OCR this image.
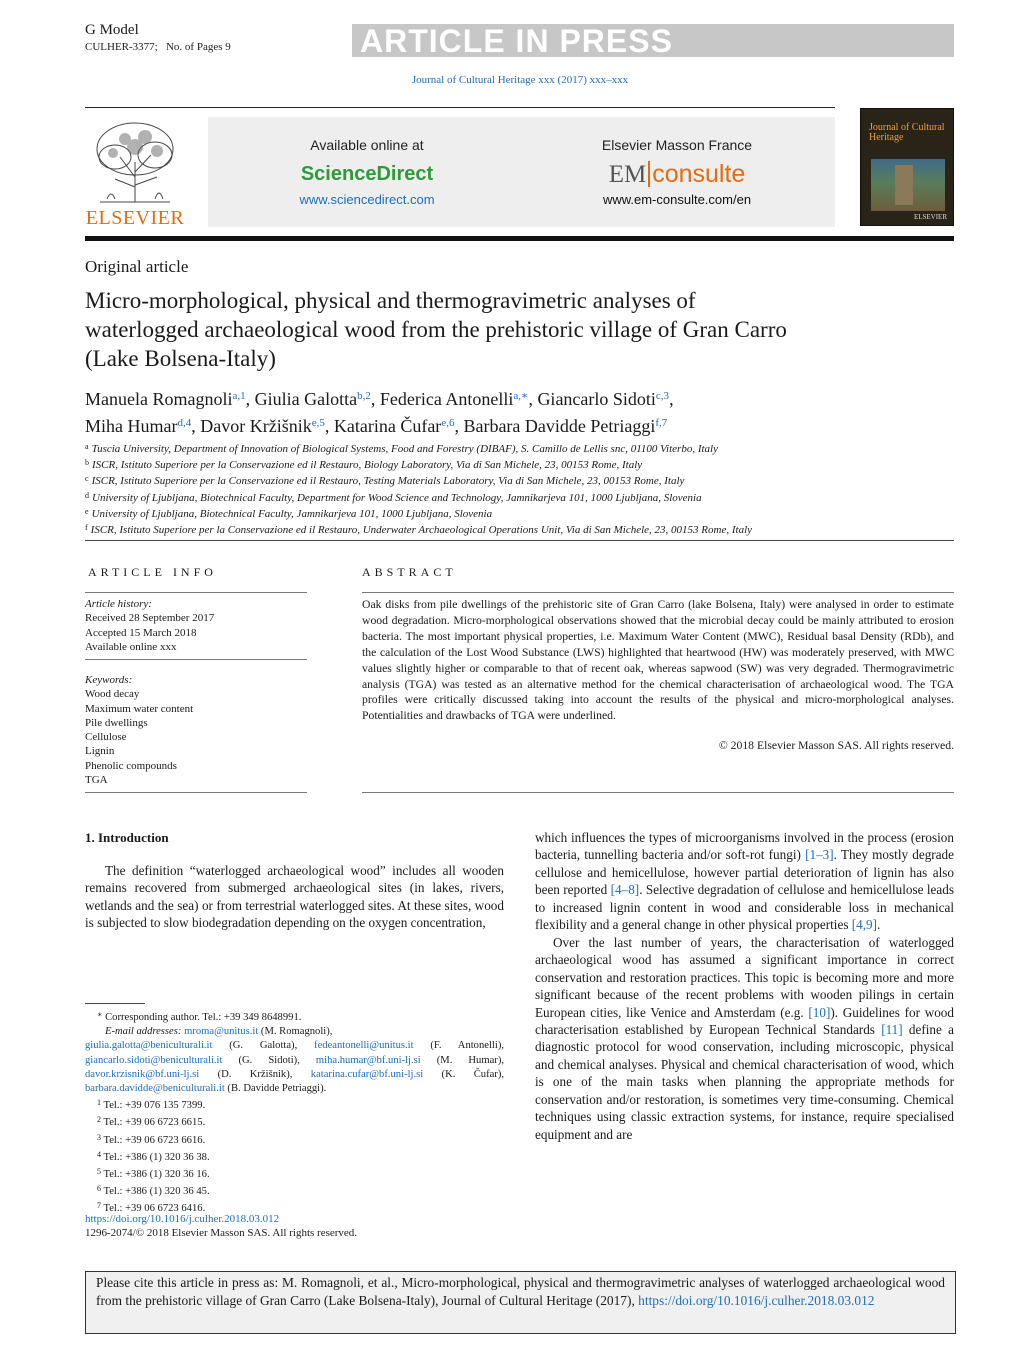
G Model
CULHER-3377; No. of Pages 9	ARTICLE IN PRESS
Journal of Cultural Heritage xxx (2017) xxx–xxx
ELSEVIER
Available online at
ScienceDirect
www.sciencedirect.com
Elsevier Masson France
EM consulte
www.em-consulte.com/en
Journal of Cultural Heritage
ELSEVIER
Original article
Micro-morphological, physical and thermogravimetric analyses of waterlogged archaeological wood from the prehistoric village of Gran Carro (Lake Bolsena-Italy)
Manuela Romagnoli$^{a,1}$, Giulia Galotta$^{b,2}$, Federica Antonelli$^{a,∗}$, Giancarlo Sidoti$^{c,3}$,
Miha Humar$^{d,4}$, Davor Kržišnik$^{e,5}$, Katarina Čufar$^{e,6}$, Barbara Davidde Petriaggi$^{f,7}$
$^a$ Tuscia University, Department of Innovation of Biological Systems, Food and Forestry (DIBAF), S. Camillo de Lellis snc, 01100 Viterbo, Italy
$^b$ ISCR, Istituto Superiore per la Conservazione ed il Restauro, Biology Laboratory, Via di San Michele, 23, 00153 Rome, Italy
$^c$ ISCR, Istituto Superiore per la Conservazione ed il Restauro, Testing Materials Laboratory, Via di San Michele, 23, 00153 Rome, Italy
$^d$ University of Ljubljana, Biotechnical Faculty, Department for Wood Science and Technology, Jamnikarjeva 101, 1000 Ljubljana, Slovenia
$^e$ University of Ljubljana, Biotechnical Faculty, Jamnikarjeva 101, 1000 Ljubljana, Slovenia
$^f$ ISCR, Istituto Superiore per la Conservazione ed il Restauro, Underwater Archaeological Operations Unit, Via di San Michele, 23, 00153 Rome, Italy
ARTICLE INFO
Article history:
Received 28 September 2017
Accepted 15 March 2018
Available online xxx
Keywords:
Wood decay
Maximum water content
Pile dwellings
Cellulose
Lignin
Phenolic compounds
TGA
ABSTRACT
Oak disks from pile dwellings of the prehistoric site of Gran Carro (lake Bolsena, Italy) were analysed in order to estimate wood degradation. Micro-morphological observations showed that the microbial decay could be mainly attributed to erosion bacteria. The most important physical properties, i.e. Maximum Water Content (MWC), Residual basal Density (RDb), and the calculation of the Lost Wood Substance (LWS) highlighted that heartwood (HW) was moderately preserved, with MWC values slightly higher or comparable to that of recent oak, whereas sapwood (SW) was very degraded. Thermogravimetric analysis (TGA) was tested as an alternative method for the chemical characterisation of archaeological wood. The TGA profiles were critically discussed taking into account the results of the physical and micro-morphological analyses. Potentialities and drawbacks of TGA were underlined.
© 2018 Elsevier Masson SAS. All rights reserved.
1. Introduction

The definition “waterlogged archaeological wood” includes all wooden remains recovered from submerged archaeological sites (in lakes, rivers, wetlands and the sea) or from terrestrial waterlogged sites. At these sites, wood is subjected to slow biodegradation depending on the oxygen concentration,

which influences the types of microorganisms involved in the process (erosion bacteria, tunnelling bacteria and/or soft-rot fungi) [1–3]. They mostly degrade cellulose and hemicellulose, however partial deterioration of lignin has also been reported [4–8]. Selective degradation of cellulose and hemicellulose leads to increased lignin content in wood and considerable loss in mechanical flexibility and a general change in other physical properties [4,9].

Over the last number of years, the characterisation of waterlogged archaeological wood has assumed a significant importance in correct conservation and restoration practices. This topic is becoming more and more significant because of the recent problems with wooden pilings in certain European cities, like Venice and Amsterdam (e.g. [10]). Guidelines for wood characterisation established by European Technical Standards [11] define a diagnostic protocol for wood conservation, including microscopic, physical and chemical analyses. Physical and chemical characterisation of wood, which is one of the main tasks when planning the appropriate methods for conservation and/or restoration, is sometimes very time-consuming. Chemical techniques using classic extraction systems, for instance, require specialised equipment and are

∗ Corresponding author. Tel.: +39 349 8648991.
E-mail addresses: mroma@unitus.it (M. Romagnoli),
giulia.galotta@beniculturali.it (G. Galotta), fedeantonelli@unitus.it (F. Antonelli), giancarlo.sidoti@beniculturali.it (G. Sidoti), miha.humar@bf.uni-lj.si (M. Humar), davor.krzisnik@bf.uni-lj.si (D. Kržišnik), katarina.cufar@bf.uni-lj.si (K. Čufar), barbara.davidde@beniculturali.it (B. Davidde Petriaggi).
$^1$ Tel.: +39 076 135 7399.
$^2$ Tel.: +39 06 6723 6615.
$^3$ Tel.: +39 06 6723 6616.
$^4$ Tel.: +386 (1) 320 36 38.
$^5$ Tel.: +386 (1) 320 36 16.
$^6$ Tel.: +386 (1) 320 36 45.
$^7$ Tel.: +39 06 6723 6416.
https://doi.org/10.1016/j.culher.2018.03.012
1296-2074/© 2018 Elsevier Masson SAS. All rights reserved.
Please cite this article in press as: M. Romagnoli, et al., Micro-morphological, physical and thermogravimetric analyses of waterlogged archaeological wood from the prehistoric village of Gran Carro (Lake Bolsena-Italy), Journal of Cultural Heritage (2017), https://doi.org/10.1016/j.culher.2018.03.012
